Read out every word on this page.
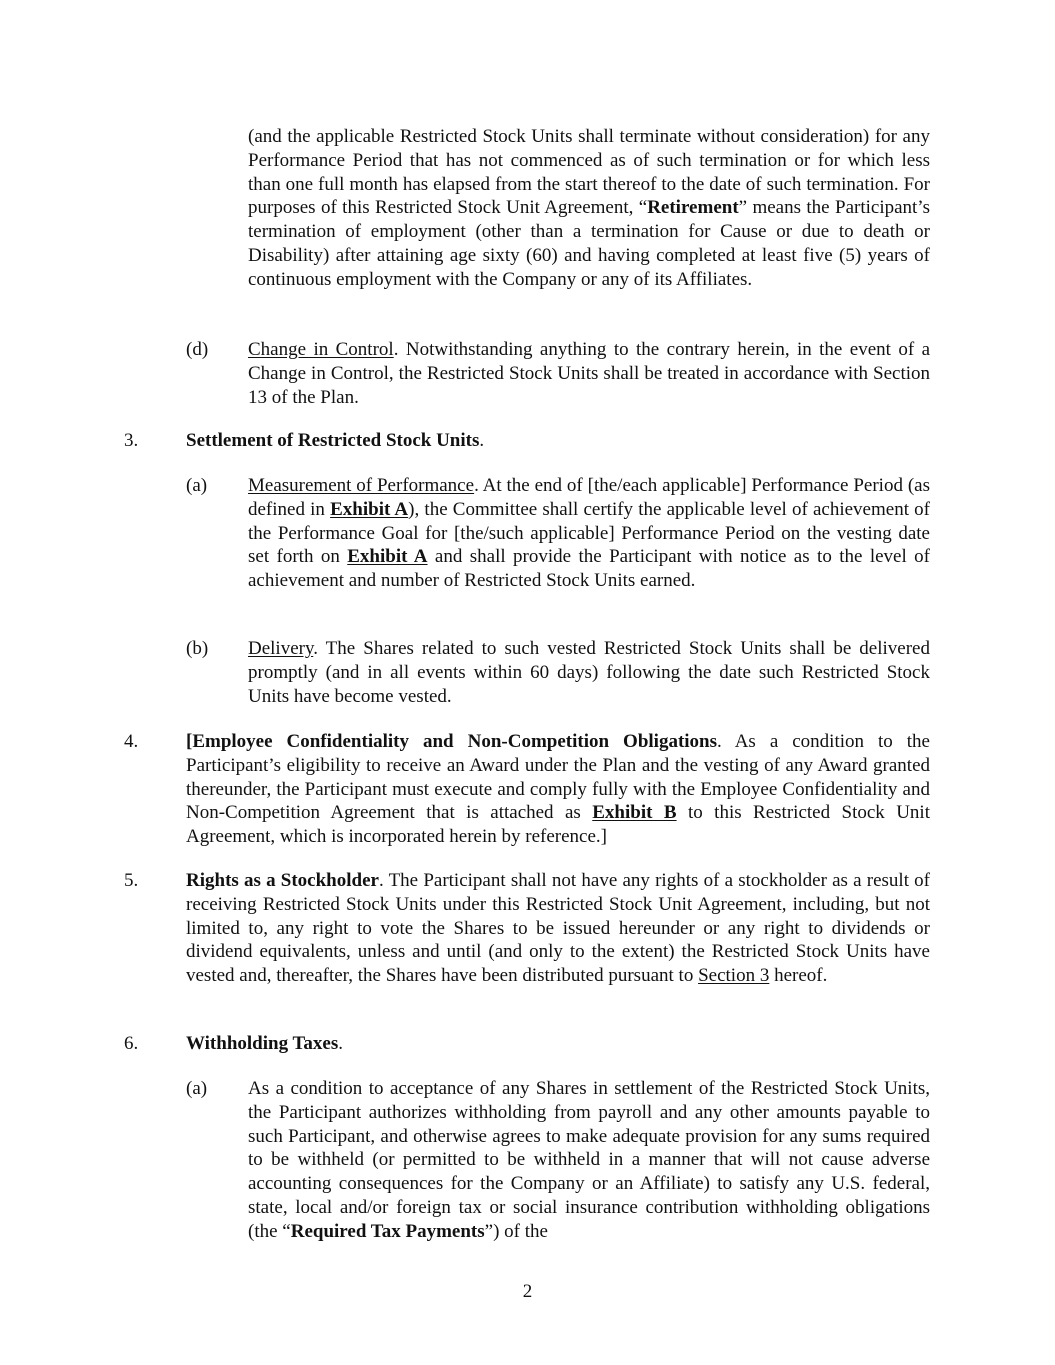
(and the applicable Restricted Stock Units shall terminate without consideration) for any Performance Period that has not commenced as of such termination or for which less than one full month has elapsed from the start thereof to the date of such termination. For purposes of this Restricted Stock Unit Agreement, “Retirement” means the Participant’s termination of employment (other than a termination for Cause or due to death or Disability) after attaining age sixty (60) and having completed at least five (5) years of continuous employment with the Company or any of its Affiliates.
(d) Change in Control. Notwithstanding anything to the contrary herein, in the event of a Change in Control, the Restricted Stock Units shall be treated in accordance with Section 13 of the Plan.
3.	Settlement of Restricted Stock Units.
(a) Measurement of Performance. At the end of [the/each applicable] Performance Period (as defined in Exhibit A), the Committee shall certify the applicable level of achievement of the Performance Goal for [the/such applicable] Performance Period on the vesting date set forth on Exhibit A and shall provide the Participant with notice as to the level of achievement and number of Restricted Stock Units earned.
(b) Delivery. The Shares related to such vested Restricted Stock Units shall be delivered promptly (and in all events within 60 days) following the date such Restricted Stock Units have become vested.
4.	[Employee Confidentiality and Non-Competition Obligations. As a condition to the Participant’s eligibility to receive an Award under the Plan and the vesting of any Award granted thereunder, the Participant must execute and comply fully with the Employee Confidentiality and Non-Competition Agreement that is attached as Exhibit B to this Restricted Stock Unit Agreement, which is incorporated herein by reference.]
5.	Rights as a Stockholder. The Participant shall not have any rights of a stockholder as a result of receiving Restricted Stock Units under this Restricted Stock Unit Agreement, including, but not limited to, any right to vote the Shares to be issued hereunder or any right to dividends or dividend equivalents, unless and until (and only to the extent) the Restricted Stock Units have vested and, thereafter, the Shares have been distributed pursuant to Section 3 hereof.
6.	Withholding Taxes.
(a) As a condition to acceptance of any Shares in settlement of the Restricted Stock Units, the Participant authorizes withholding from payroll and any other amounts payable to such Participant, and otherwise agrees to make adequate provision for any sums required to be withheld (or permitted to be withheld in a manner that will not cause adverse accounting consequences for the Company or an Affiliate) to satisfy any U.S. federal, state, local and/or foreign tax or social insurance contribution withholding obligations (the “Required Tax Payments”) of the
2
